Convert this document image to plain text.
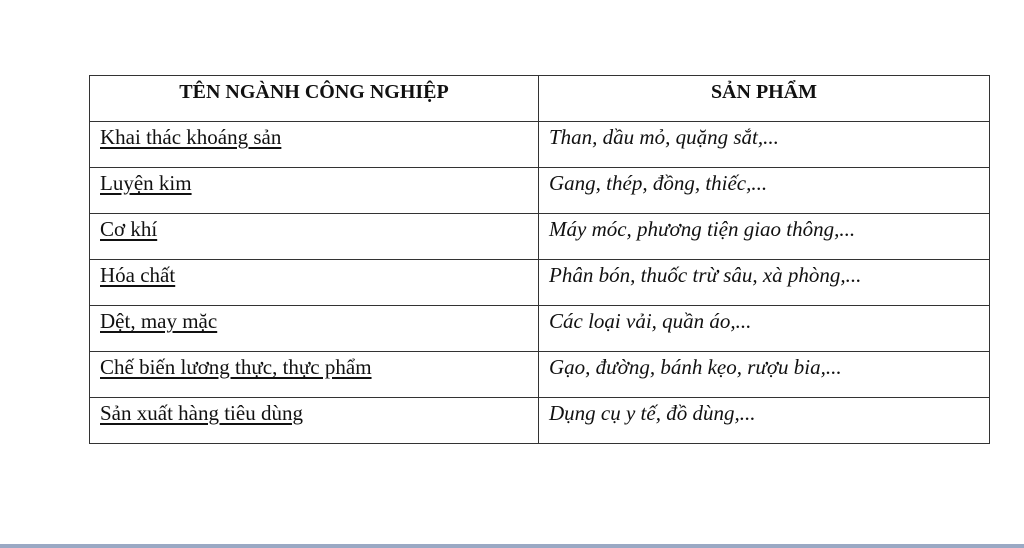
TÊN NGÀNH CÔNG NGHIỆP	SẢN PHẨM
Khai thác khoáng sản	Than, dầu mỏ, quặng sắt,...
Luyện kim	Gang, thép, đồng, thiếc,...
Cơ khí	Máy móc, phương tiện giao thông,...
Hóa chất	Phân bón, thuốc trừ sâu, xà phòng,...
Dệt, may mặc	Các loại vải, quần áo,...
Chế biến lương thực, thực phẩm	Gạo, đường, bánh kẹo, rượu bia,...
Sản xuất hàng tiêu dùng	Dụng cụ y tế, đồ dùng,...
